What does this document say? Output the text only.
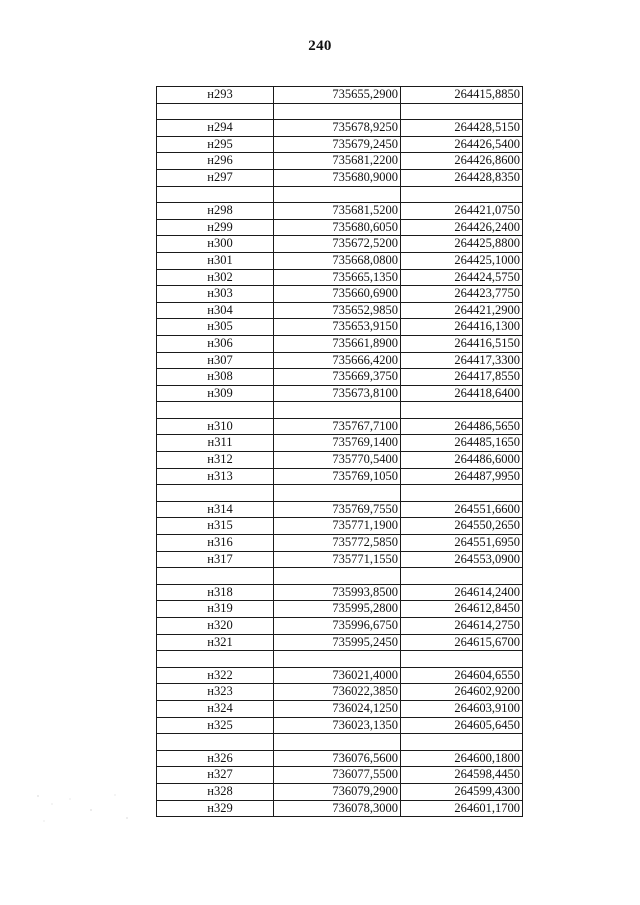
240
н293	735655,2900	264415,8850

н294	735678,9250	264428,5150
н295	735679,2450	264426,5400
н296	735681,2200	264426,8600
н297	735680,9000	264428,8350

н298	735681,5200	264421,0750
н299	735680,6050	264426,2400
н300	735672,5200	264425,8800
н301	735668,0800	264425,1000
н302	735665,1350	264424,5750
н303	735660,6900	264423,7750
н304	735652,9850	264421,2900
н305	735653,9150	264416,1300
н306	735661,8900	264416,5150
н307	735666,4200	264417,3300
н308	735669,3750	264417,8550
н309	735673,8100	264418,6400

н310	735767,7100	264486,5650
н311	735769,1400	264485,1650
н312	735770,5400	264486,6000
н313	735769,1050	264487,9950

н314	735769,7550	264551,6600
н315	735771,1900	264550,2650
н316	735772,5850	264551,6950
н317	735771,1550	264553,0900

н318	735993,8500	264614,2400
н319	735995,2800	264612,8450
н320	735996,6750	264614,2750
н321	735995,2450	264615,6700

н322	736021,4000	264604,6550
н323	736022,3850	264602,9200
н324	736024,1250	264603,9100
н325	736023,1350	264605,6450

н326	736076,5600	264600,1800
н327	736077,5500	264598,4450
н328	736079,2900	264599,4300
н329	736078,3000	264601,1700
